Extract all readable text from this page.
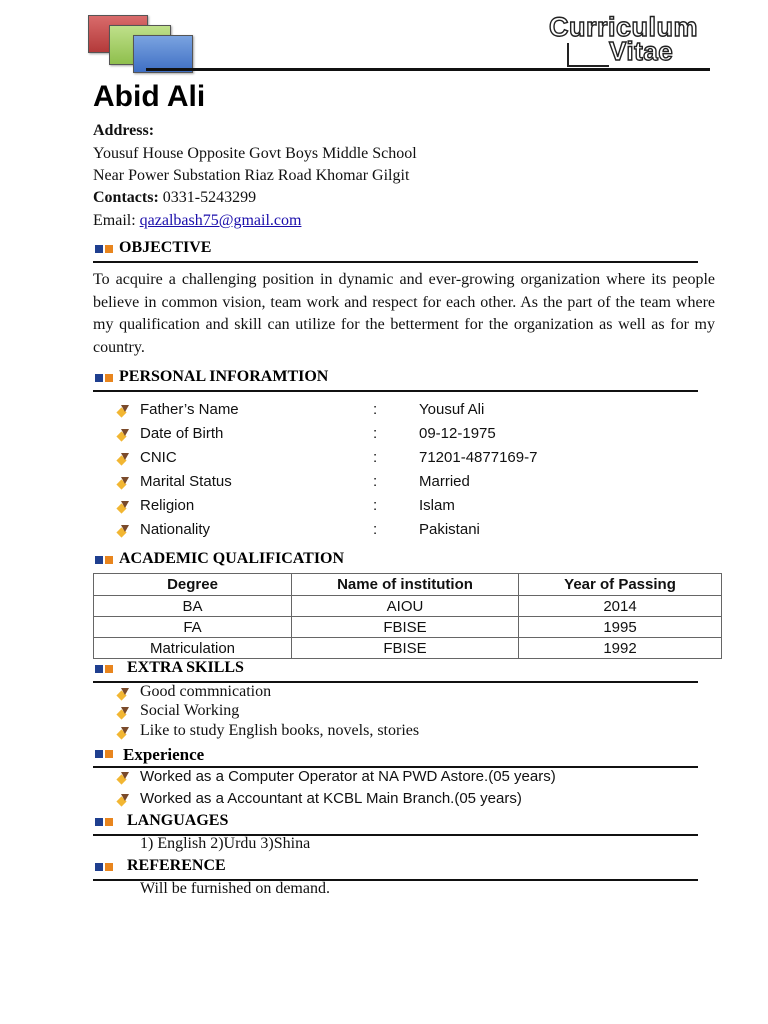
Curriculum
Vitae
Abid Ali
Address:
Yousuf House Opposite Govt Boys Middle School
Near Power Substation Riaz Road Khomar Gilgit
Contacts: 0331-5243299
Email: qazalbash75@gmail.com
OBJECTIVE
To acquire a challenging position in dynamic and ever-growing organization where its people believe in common vision, team work and respect for each other. As the part of the team where my qualification and skill can utilize for the betterment for the organization as well as for my country.
PERSONAL INFORAMTION
Father’s Name	:	Yousuf Ali
Date of Birth	:	09-12-1975
CNIC	:	71201-4877169-7
Marital Status	:	Married
Religion	:	Islam
Nationality	:	Pakistani
ACADEMIC QUALIFICATION
Degree	Name of institution	Year of Passing
BA	AIOU	2014
FA	FBISE	1995
Matriculation	FBISE	1992
EXTRA SKILLS
Good commnication
Social Working
Like to study English books, novels, stories
Experience
Worked as a Computer Operator at NA PWD Astore.(05 years)
Worked as a Accountant at KCBL Main Branch.(05 years)
LANGUAGES
1) English 2)Urdu 3)Shina
REFERENCE
Will be furnished on demand.
